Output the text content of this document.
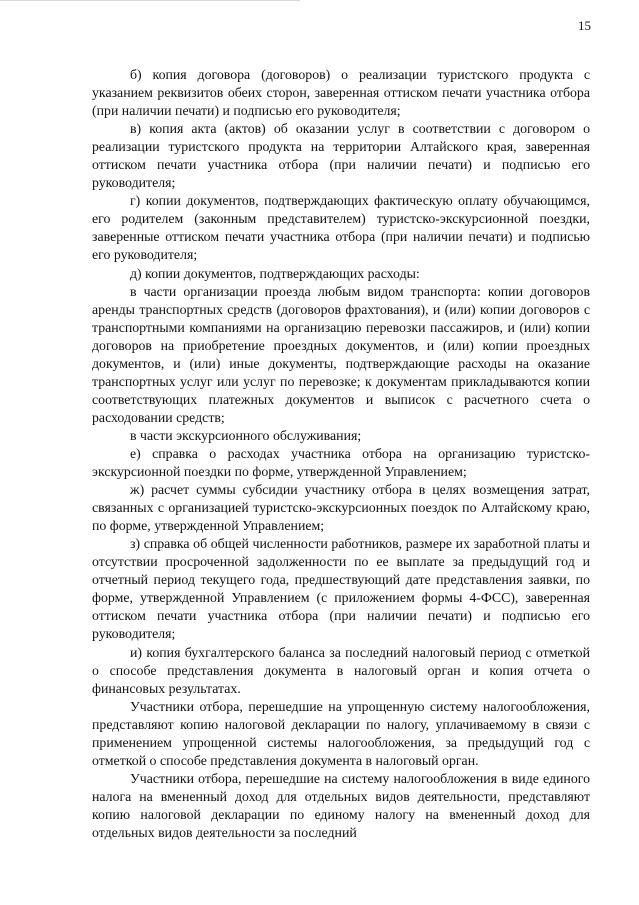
15

б) копия договора (договоров) о реализации туристского продукта с указанием реквизитов обеих сторон, заверенная оттиском печати участника отбора (при наличии печати) и подписью его руководителя;

в) копия акта (актов) об оказании услуг в соответствии с договором о реализации туристского продукта на территории Алтайского края, заверенная оттиском печати участника отбора (при наличии печати) и подписью его руководителя;

г) копии документов, подтверждающих фактическую оплату обучающимся, его родителем (законным представителем) туристско-экскурсионной поездки, заверенные оттиском печати участника отбора (при наличии печати) и подписью его руководителя;

д) копии документов, подтверждающих расходы:

в части организации проезда любым видом транспорта: копии договоров аренды транспортных средств (договоров фрахтования), и (или) копии договоров с транспортными компаниями на организацию перевозки пассажиров, и (или) копии договоров на приобретение проездных документов, и (или) копии проездных документов, и (или) иные документы, подтверждающие расходы на оказание транспортных услуг или услуг по перевозке; к документам прикладываются копии соответствующих платежных документов и выписок с расчетного счета о расходовании средств;

в части экскурсионного обслуживания;

е) справка о расходах участника отбора на организацию туристско-экскурсионной поездки по форме, утвержденной Управлением;

ж) расчет суммы субсидии участнику отбора в целях возмещения затрат, связанных с организацией туристско-экскурсионных поездок по Алтайскому краю, по форме, утвержденной Управлением;

з) справка об общей численности работников, размере их заработной платы и отсутствии просроченной задолженности по ее выплате за предыдущий год и отчетный период текущего года, предшествующий дате представления заявки, по форме, утвержденной Управлением (с приложением формы 4-ФСС), заверенная оттиском печати участника отбора (при наличии печати) и подписью его руководителя;

и) копия бухгалтерского баланса за последний налоговый период с отметкой о способе представления документа в налоговый орган и копия отчета о финансовых результатах.

Участники отбора, перешедшие на упрощенную систему налогообложения, представляют копию налоговой декларации по налогу, уплачиваемому в связи с применением упрощенной системы налогообложения, за предыдущий год с отметкой о способе представления документа в налоговый орган.

Участники отбора, перешедшие на систему налогообложения в виде единого налога на вмененный доход для отдельных видов деятельности, представляют копию налоговой декларации по единому налогу на вмененный доход для отдельных видов деятельности за последний
